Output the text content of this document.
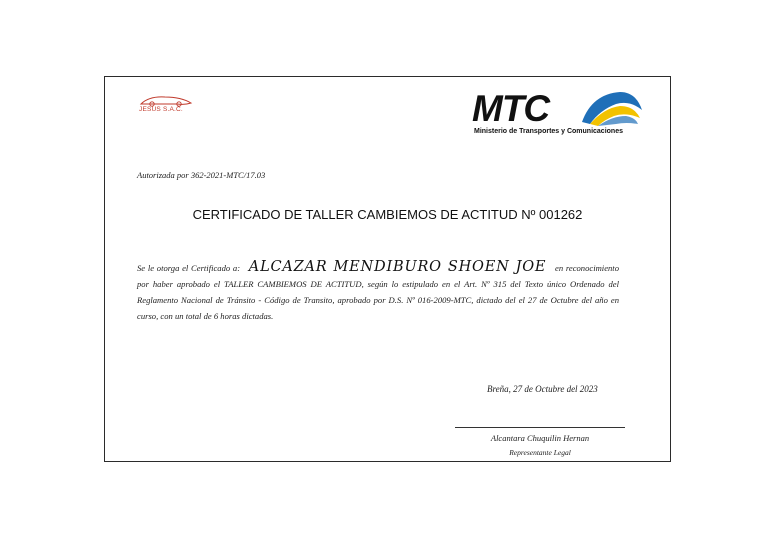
JESUS S.A.C.	MTC
Ministerio de Transportes y Comunicaciones
Autorizada por 362-2021-MTC/17.03
CERTIFICADO DE TALLER CAMBIEMOS DE ACTITUD Nº 001262
Se le otorga el Certificado a: ALCAZAR MENDIBURO SHOEN JOE en reconocimiento por haber aprobado el TALLER CAMBIEMOS DE ACTITUD, según lo estipulado en el Art. Nº 315 del Texto único Ordenado del Reglamento Nacional de Tránsito - Código de Transito, aprobado por D.S. Nº 016-2009-MTC, dictado del el 27 de Octubre del año en curso, con un total de 6 horas dictadas.
Breña, 27 de Octubre del 2023
Alcantara Chuquilin Hernan
Representante Legal
